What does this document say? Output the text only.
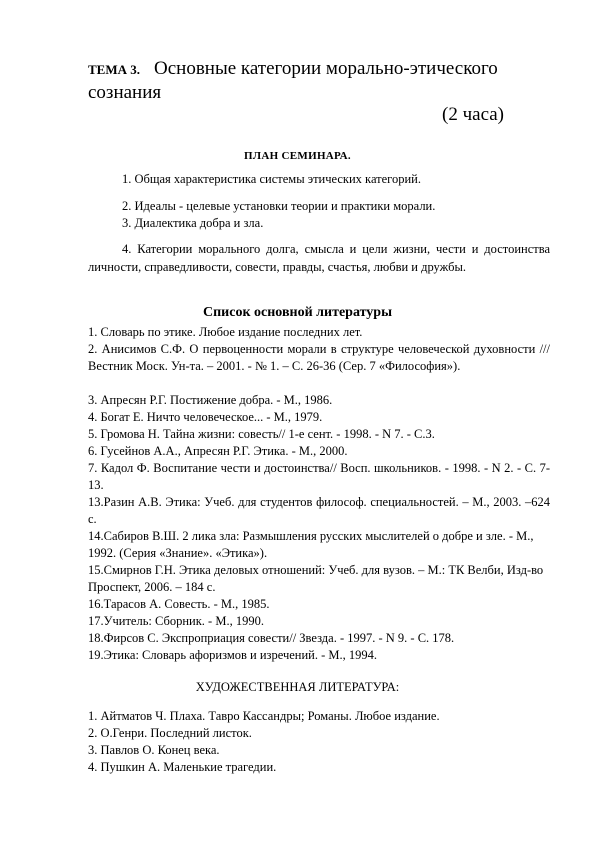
ТЕМА 3. Основные категории морально-этического
сознания
(2 часа)
ПЛАН СЕМИНАРА.
1. Общая характеристика системы этических категорий.
2. Идеалы - целевые установки теории и практики морали.
3. Диалектика добра и зла.
4. Категории морального долга, смысла и цели жизни, чести и достоинства личности, справедливости, совести, правды, счастья, любви и дружбы.
Список основной литературы
1. Словарь по этике. Любое издание последних лет.
2. Анисимов С.Ф. О первоценности морали в структуре человеческой духовности /// Вестник Моск. Ун-та. – 2001. - № 1. – С. 26-36 (Сер. 7 «Философия»).
3. Апресян Р.Г. Постижение добра. - М., 1986.
4. Богат Е. Ничто человеческое... - М., 1979.
5. Громова Н. Тайна жизни: совесть// 1-е сент. - 1998. - N 7. - С.3.
6. Гусейнов А.А., Апресян Р.Г. Этика. - М., 2000.
7. Кадол Ф. Воспитание чести и достоинства// Восп. школьников. - 1998. - N 2. - С. 7-13.
13.Разин А.В. Этика: Учеб. для студентов философ. специальностей. – М., 2003. –624 с.
14.Сабиров В.Ш. 2 лика зла: Размышления русских мыслителей о добре и зле. - М., 1992. (Серия «Знание». «Этика»).
15.Смирнов Г.Н. Этика деловых отношений: Учеб. для вузов. – М.: ТК Велби, Изд-во Проспект, 2006. – 184 с.
16.Тарасов А. Совесть. - М., 1985.
17.Учитель: Сборник. - М., 1990.
18.Фирсов С. Экспроприация совести// Звезда. - 1997. - N 9. - С. 178.
19.Этика: Словарь афоризмов и изречений. - М., 1994.
ХУДОЖЕСТВЕННАЯ ЛИТЕРАТУРА:
1. Айтматов Ч. Плаха. Тавро Кассандры; Романы. Любое издание.
2. О.Генри. Последний листок.
3. Павлов О. Конец века.
4. Пушкин А. Маленькие трагедии.
